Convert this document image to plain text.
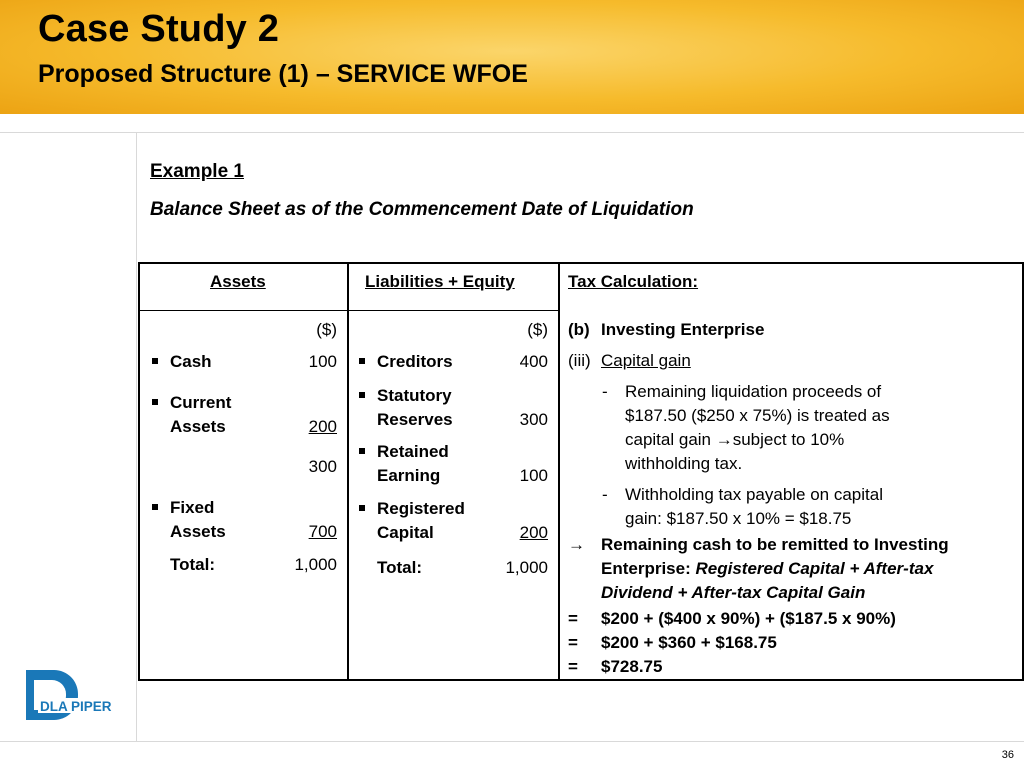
Case Study 2
Proposed Structure (1) – SERVICE WFOE
Example 1
Balance Sheet as of the Commencement Date of Liquidation
Assets	Liabilities + Equity	Tax Calculation:
($)
Cash	100
Current
Assets	200
300
Fixed
Assets	700
Total:	1,000
($)
Creditors	400
Statutory
Reserves	300
Retained
Earning	100
Registered
Capital	200
Total:	1,000
(b) Investing Enterprise
(iii) Capital gain
- Remaining liquidation proceeds of
$187.50 ($250 x 75%) is treated as
capital gain →subject to 10%
withholding tax.
- Withholding tax payable on capital
gain: $187.50 x 10% = $18.75
→ Remaining cash to be remitted to Investing
Enterprise: Registered Capital + After-tax
Dividend + After-tax Capital Gain
= $200 + ($400 x 90%) + ($187.5 x 90%)
= $200 + $360 + $168.75
= $728.75
DLA PIPER
36
